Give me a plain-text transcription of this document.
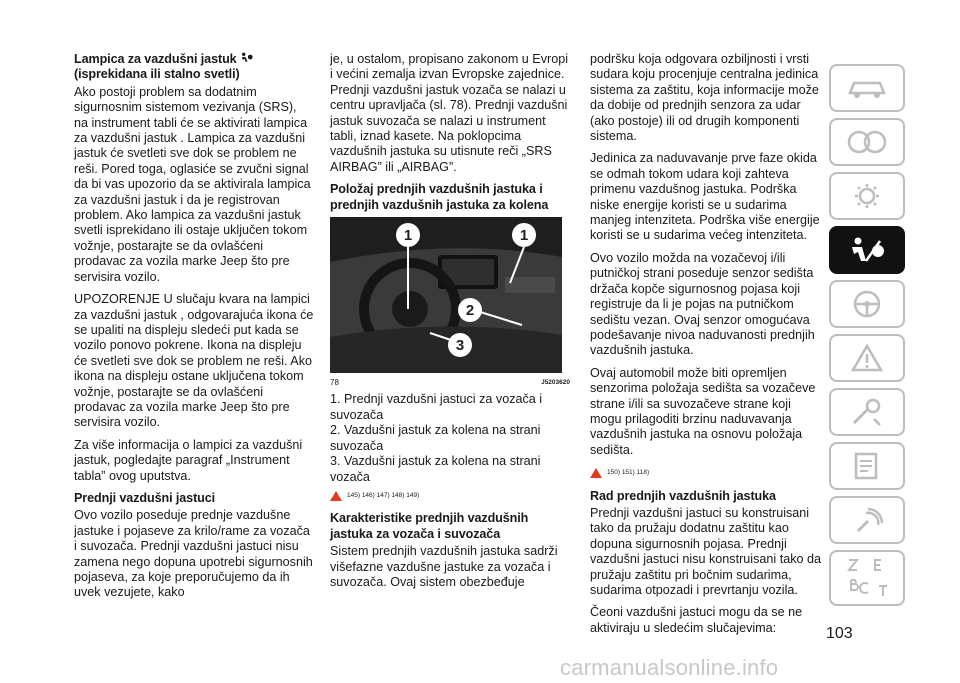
Lampica za vazdušni jastuk
(isprekidana ili stalno svetli)

Ako postoji problem sa dodatnim sigurnosnim sistemom vezivanja (SRS), na instrument tabli će se aktivirati lampica za vazdušni jastuk . Lampica za vazdušni jastuk će svetleti sve dok se problem ne reši. Pored toga, oglasiće se zvučni signal da bi vas upozorio da se aktivirala lampica za vazdušni jastuk i da je registrovan problem. Ako lampica za vazdušni jastuk svetli isprekidano ili ostaje uključen tokom vožnje, postarajte se da ovlašćeni prodavac za vozila marke Jeep što pre servisira vozilo.

UPOZORENJE U slučaju kvara na lampici za vazdušni jastuk , odgovarajuća ikona će se upaliti na displeju sledeći put kada se vozilo ponovo pokrene. Ikona na displeju će svetleti sve dok se problem ne reši. Ako ikona na displeju ostane uključena tokom vožnje, postarajte se da ovlašćeni prodavac za vozila marke Jeep što pre servisira vozilo.

Za više informacija o lampici za vazdušni jastuk, pogledajte paragraf „Instrument tabla” ovog uputstva.

Prednji vazdušni jastuci

Ovo vozilo poseduje prednje vazdušne jastuke i pojaseve za krilo/rame za vozača i suvozača. Prednji vazdušni jastuci nisu zamena nego dopuna upotrebi sigurnosnih pojaseva, za koje preporučujemo da ih uvek vezujete, kako

je, u ostalom, propisano zakonom u Evropi i većini zemalja izvan Evropske zajednice. Prednji vazdušni jastuk vozača se nalazi u centru upravljača (sl. 78). Prednji vazdušni jastuk suvozača se nalazi u instrument tabli, iznad kasete. Na poklopcima vazdušnih jastuka su utisnute reči „SRS AIRBAG” ili „AIRBAG”.

Položaj prednjih vazdušnih jastuka i prednjih vazdušnih jastuka za kolena
1	1
2
3
78	J5203620
1. Prednji vazdušni jastuci za vozača i suvozača
2. Vazdušni jastuk za kolena na strani suvozača
3. Vazdušni jastuk za kolena na strani vozača
145) 146) 147) 148) 149)
Karakteristike prednjih vazdušnih jastuka za vozača i suvozača

Sistem prednjih vazdušnih jastuka sadrži višefazne vazdušne jastuke za vozača i suvozača. Ovaj sistem obezbeđuje

podršku koja odgovara ozbiljnosti i vrsti sudara koju procenjuje centralna jedinica sistema za zaštitu, koja informacije može da dobije od prednjih senzora za udar (ako postoje) ili od drugih komponenti sistema.

Jedinica za naduvavanje prve faze okida se odmah tokom udara koji zahteva primenu vazdušnog jastuka. Podrška niske energije koristi se u sudarima manjeg intenziteta. Podrška više energije koristi se u sudarima većeg intenziteta.

Ovo vozilo možda na vozačevoj i/ili putničkoj strani poseduje senzor sedišta držača kopče sigurnosnog pojasa koji registruje da li je pojas na putničkom sedištu vezan. Ovaj senzor omogućava podešavanje nivoa naduvanosti prednjih vazdušnih jastuka.

Ovaj automobil može biti opremljen senzorima položaja sedišta sa vozačeve strane i/ili sa suvozačeve strane koji mogu prilagoditi brzinu naduvavanja vazdušnih jastuka na osnovu položaja sedišta.

150) 151) 118)
Rad prednjih vazdušnih jastuka

Prednji vazdušni jastuci su konstruisani tako da pružaju dodatnu zaštitu kao dopuna sigurnosnih pojasa. Prednji vazdušni jastuci nisu konstruisani tako da pružaju zaštitu pri bočnim sudarima, sudarima otpozadi i prevrtanju vozila.

Čeoni vazdušni jastuci mogu da se ne aktiviraju u sledećim slučajevima:	103
carmanualsonline.info
